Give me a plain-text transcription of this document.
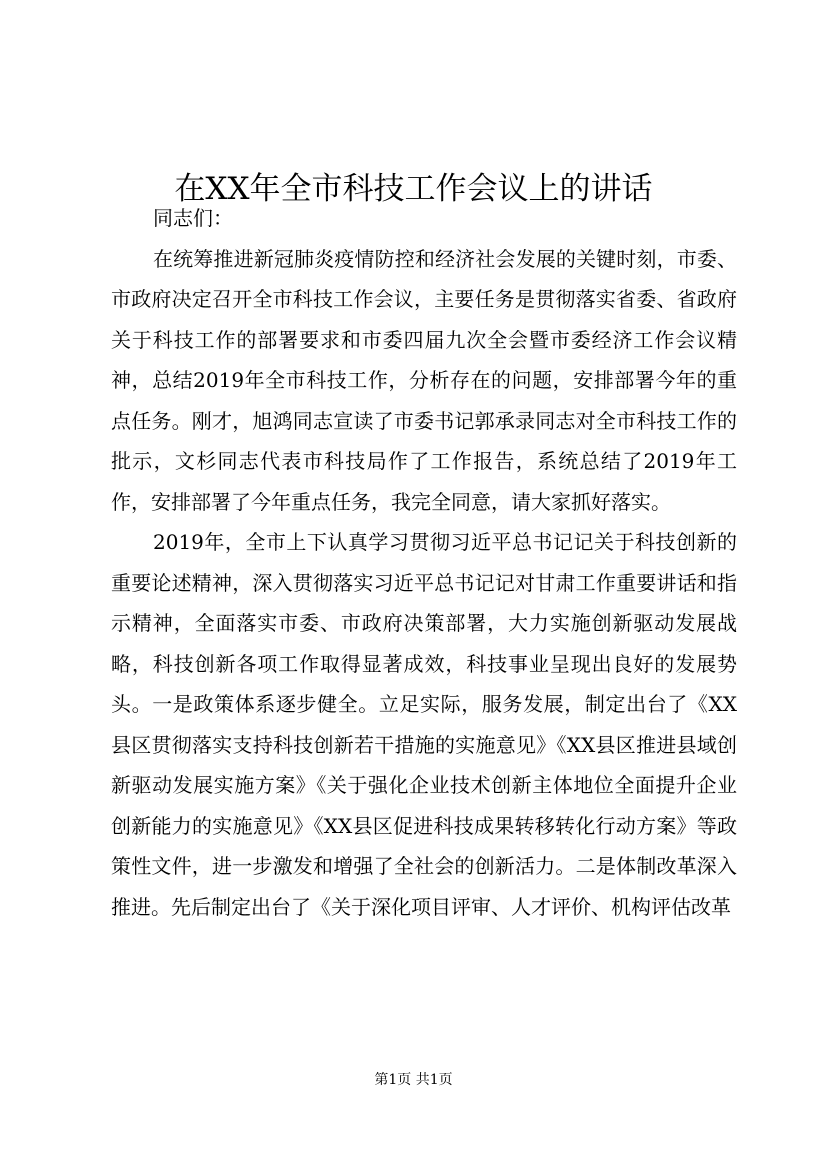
在XX年全市科技工作会议上的讲话

同志们：

在统筹推进新冠肺炎疫情防控和经济社会发展的关键时刻，市委、市政府决定召开全市科技工作会议，主要任务是贯彻落实省委、省政府关于科技工作的部署要求和市委四届九次全会暨市委经济工作会议精神，总结2019年全市科技工作，分析存在的问题，安排部署今年的重点任务。刚才，旭鸿同志宣读了市委书记郭承录同志对全市科技工作的批示，文杉同志代表市科技局作了工作报告，系统总结了2019年工作，安排部署了今年重点任务，我完全同意，请大家抓好落实。

2019年，全市上下认真学习贯彻习近平总书记记关于科技创新的重要论述精神，深入贯彻落实习近平总书记记对甘肃工作重要讲话和指示精神，全面落实市委、市政府决策部署，大力实施创新驱动发展战略，科技创新各项工作取得显著成效，科技事业呈现出良好的发展势头。一是政策体系逐步健全。立足实际，服务发展，制定出台了《XX县区贯彻落实支持科技创新若干措施的实施意见》《XX县区推进县域创新驱动发展实施方案》《关于强化企业技术创新主体地位全面提升企业创新能力的实施意见》《XX县区促进科技成果转移转化行动方案》等政策性文件，进一步激发和增强了全社会的创新活力。二是体制改革深入推进。先后制定出台了《关于深化项目评审、人才评价、机构评估改革

第1页 共1页
